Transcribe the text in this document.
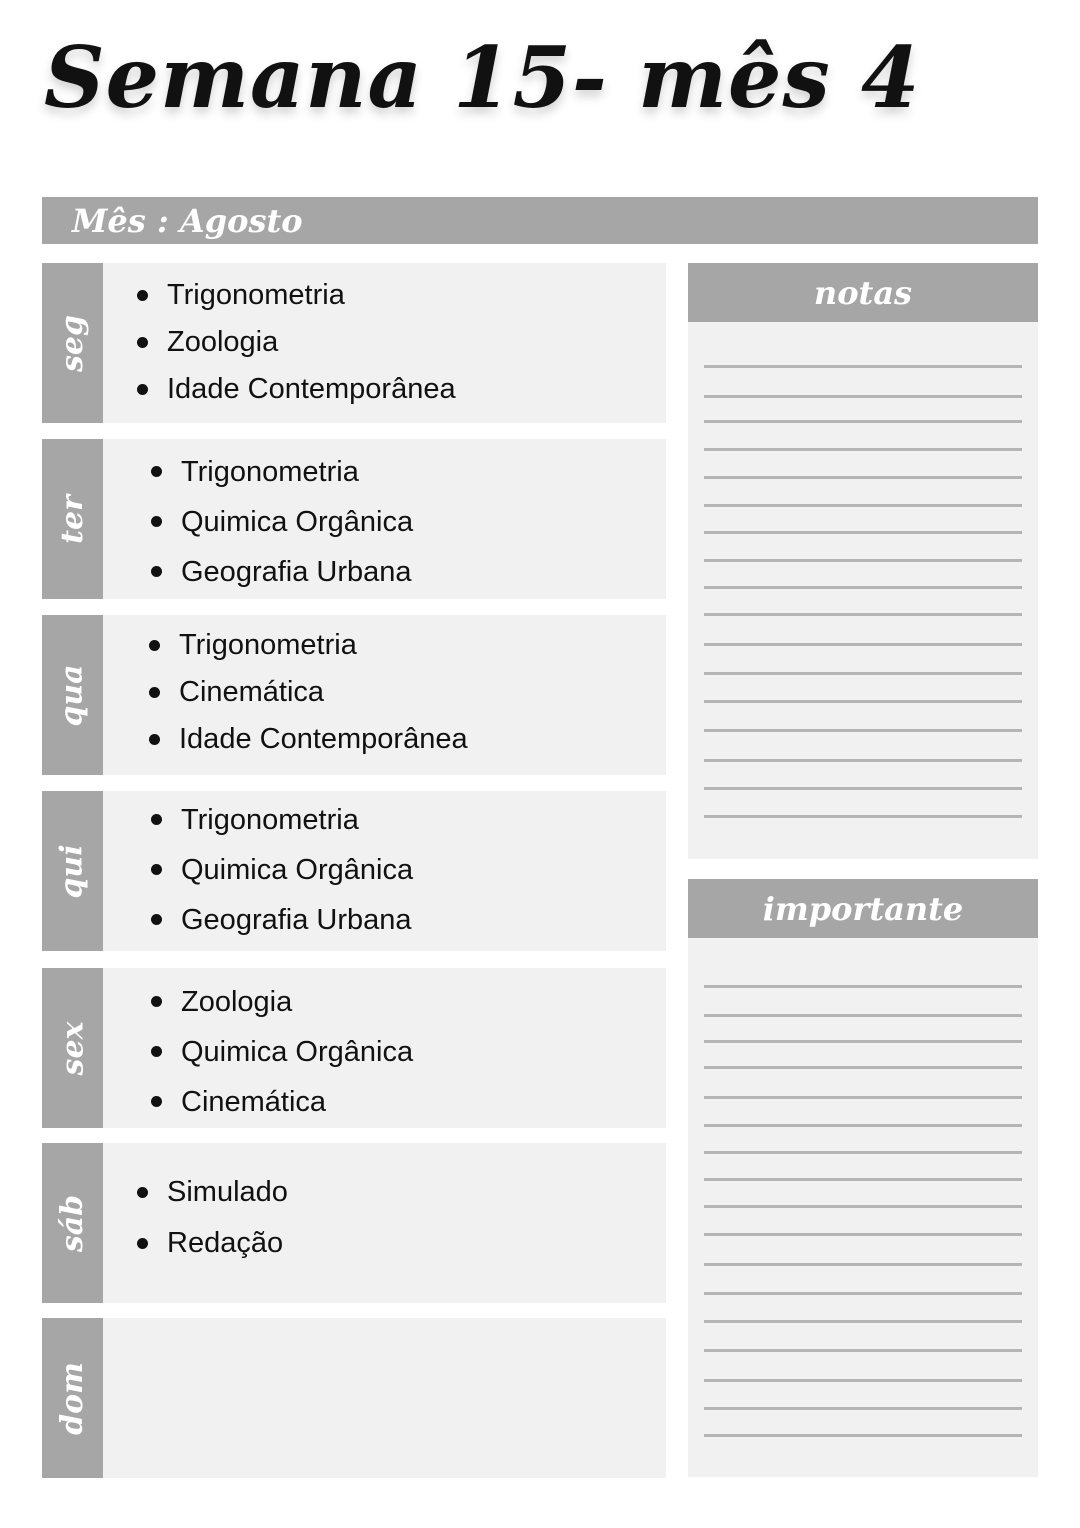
Semana 15- mês 4
Mês : Agosto
seg
Trigonometria
Zoologia
Idade Contemporânea
ter
Trigonometria
Quimica Orgânica
Geografia Urbana
qua
Trigonometria
Cinemática
Idade Contemporânea
qui
Trigonometria
Quimica Orgânica
Geografia Urbana
sex
Zoologia
Quimica Orgânica
Cinemática
sáb
Simulado
Redação
dom
notas
importante
